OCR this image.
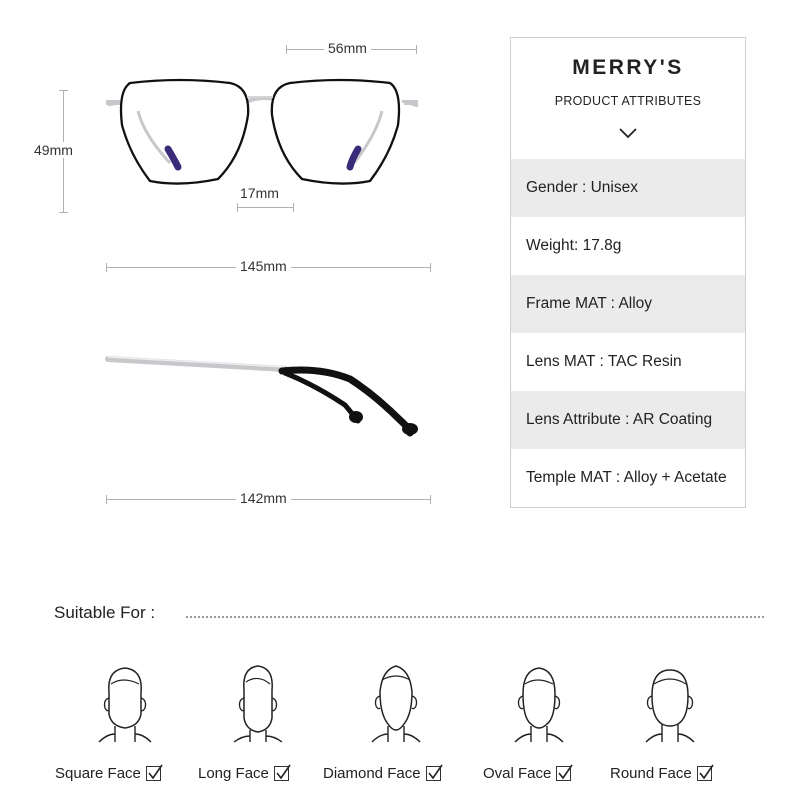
56mm
49mm
17mm
145mm
142mm
MERRY'S
PRODUCT ATTRIBUTES
Gender : Unisex
Weight: 17.8g
Frame MAT : Alloy
Lens MAT : TAC Resin
Lens Attribute : AR Coating
Temple MAT : Alloy + Acetate
Suitable For :
Square Face	Long Face	Diamond Face	Oval Face	Round Face
